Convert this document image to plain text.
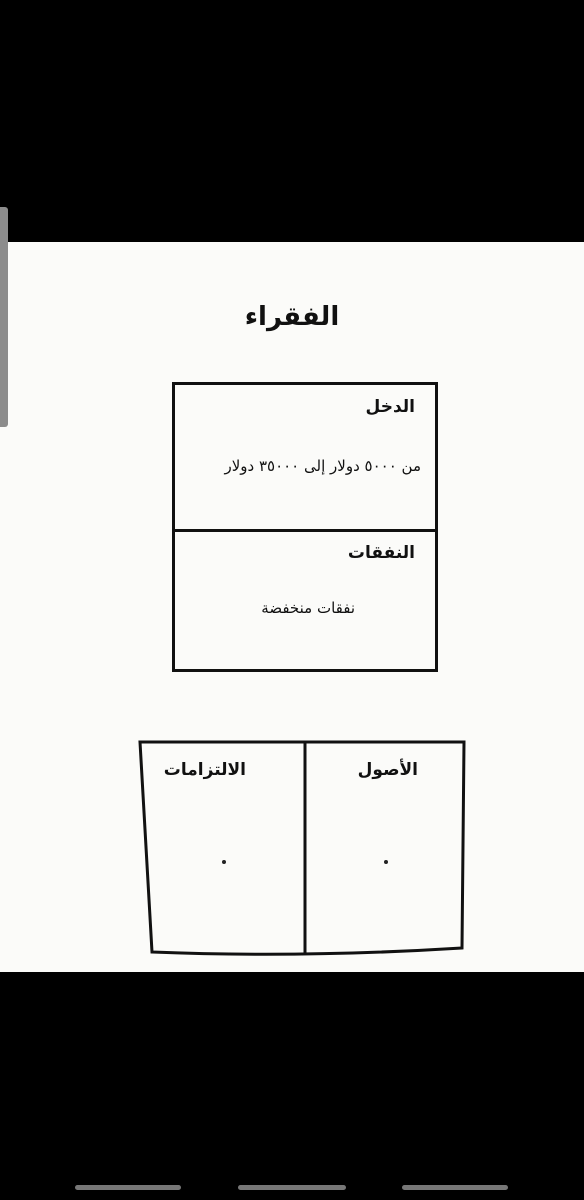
الفقراء
الدخل
من ٥٠٠٠ دولار إلى ٣٥٠٠٠ دولار
النفقات
نفقات منخفضة
الأصول
الالتزامات
